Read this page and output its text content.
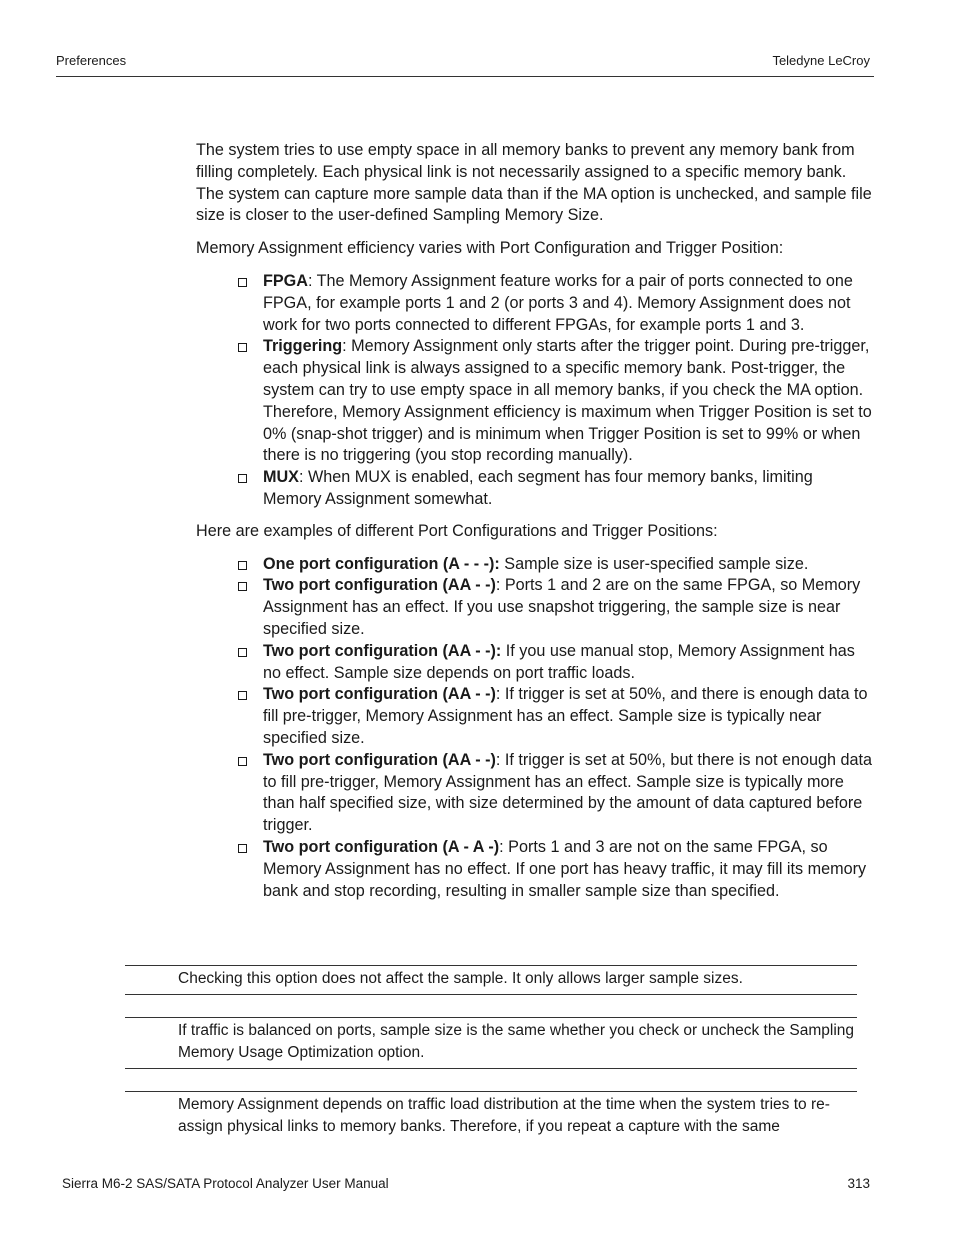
Preferences	Teledyne LeCroy

The system tries to use empty space in all memory banks to prevent any memory bank from filling completely. Each physical link is not necessarily assigned to a specific memory bank. The system can capture more sample data than if the MA option is unchecked, and sample file size is closer to the user-defined Sampling Memory Size.

Memory Assignment efficiency varies with Port Configuration and Trigger Position:

FPGA: The Memory Assignment feature works for a pair of ports connected to one FPGA, for example ports 1 and 2 (or ports 3 and 4). Memory Assignment does not work for two ports connected to different FPGAs, for example ports 1 and 3.
Triggering: Memory Assignment only starts after the trigger point. During pre-trigger, each physical link is always assigned to a specific memory bank. Post-trigger, the system can try to use empty space in all memory banks, if you check the MA option. Therefore, Memory Assignment efficiency is maximum when Trigger Position is set to 0% (snap-shot trigger) and is minimum when Trigger Position is set to 99% or when there is no triggering (you stop recording manually).
MUX: When MUX is enabled, each segment has four memory banks, limiting Memory Assignment somewhat.

Here are examples of different Port Configurations and Trigger Positions:

One port configuration (A - - -): Sample size is user-specified sample size.
Two port configuration (AA - -): Ports 1 and 2 are on the same FPGA, so Memory Assignment has an effect. If you use snapshot triggering, the sample size is near specified size.
Two port configuration (AA - -): If you use manual stop, Memory Assignment has no effect. Sample size depends on port traffic loads.
Two port configuration (AA - -): If trigger is set at 50%, and there is enough data to fill pre-trigger, Memory Assignment has an effect. Sample size is typically near specified size.
Two port configuration (AA - -): If trigger is set at 50%, but there is not enough data to fill pre-trigger, Memory Assignment has an effect. Sample size is typically more than half specified size, with size determined by the amount of data captured before trigger.
Two port configuration (A - A -): Ports 1 and 3 are not on the same FPGA, so Memory Assignment has no effect. If one port has heavy traffic, it may fill its memory bank and stop recording, resulting in smaller sample size than specified.
Checking this option does not affect the sample. It only allows larger sample sizes.
If traffic is balanced on ports, sample size is the same whether you check or uncheck the Sampling Memory Usage Optimization option.
Memory Assignment depends on traffic load distribution at the time when the system tries to re-assign physical links to memory banks. Therefore, if you repeat a capture with the same
Sierra M6-2 SAS/SATA Protocol Analyzer User Manual	313
